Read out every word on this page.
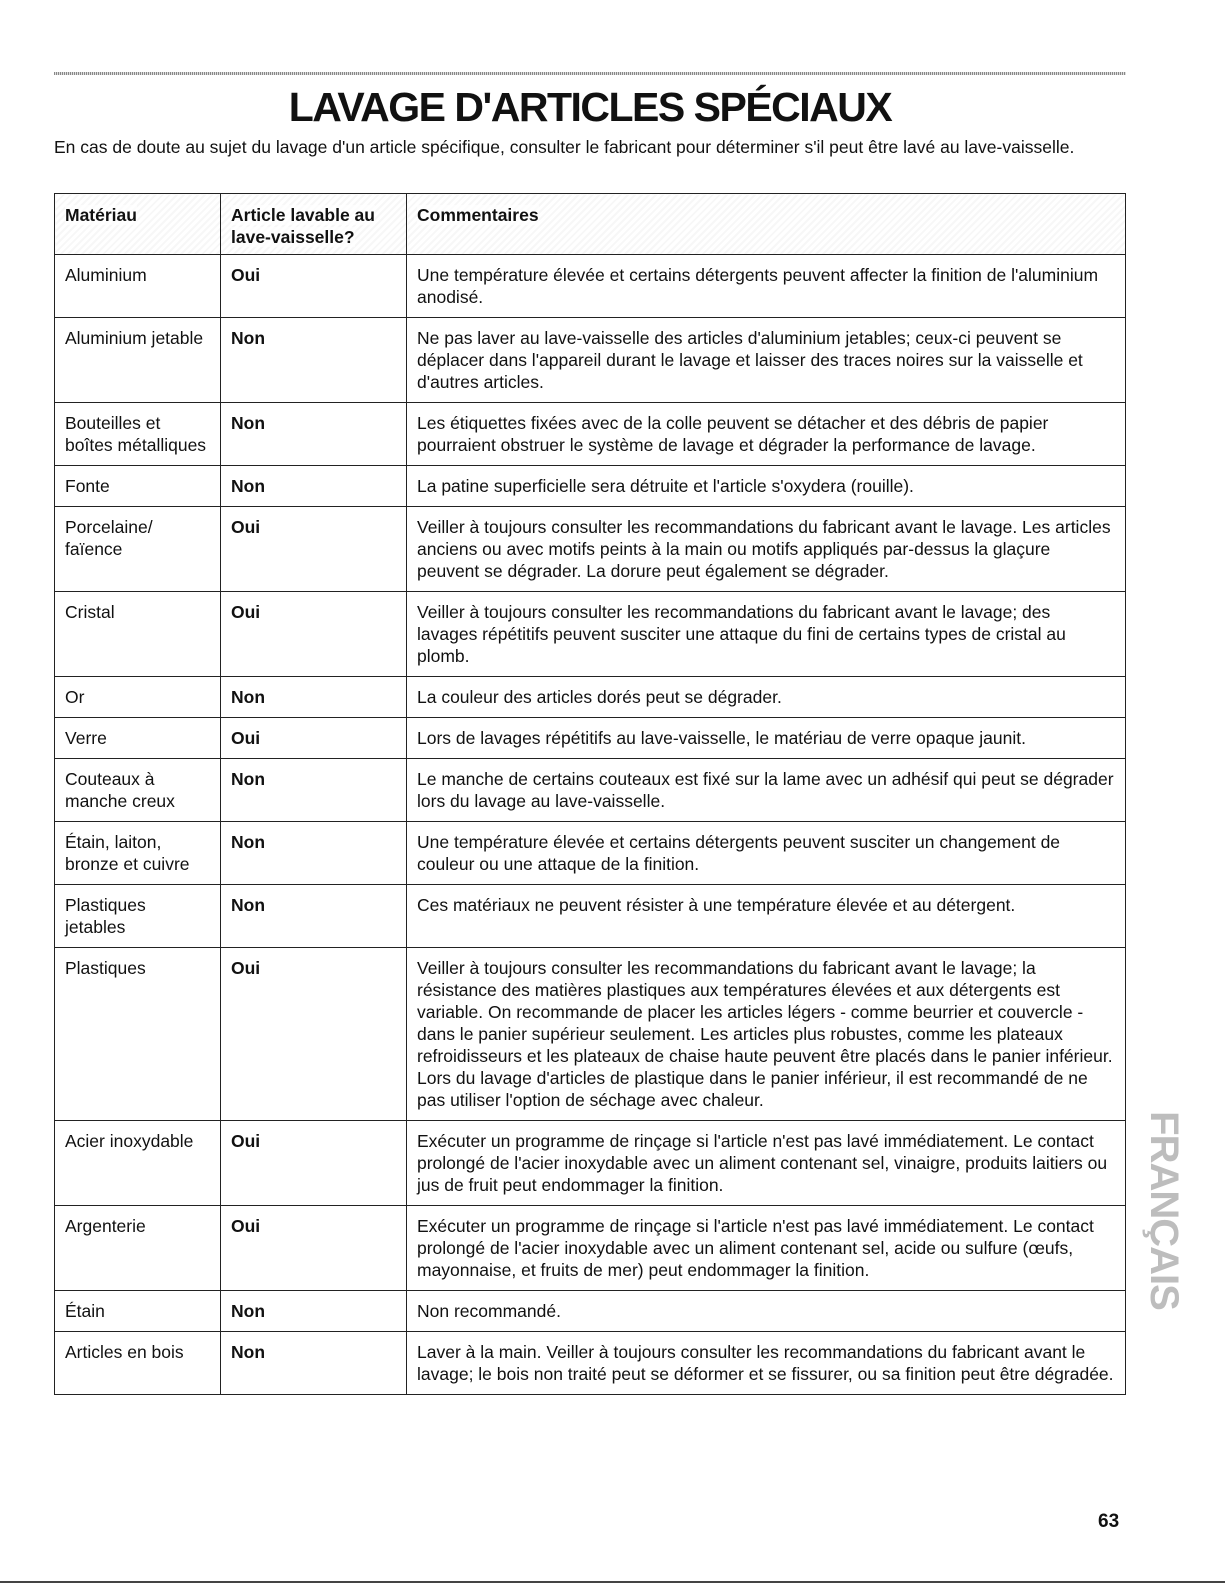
LAVAGE D'ARTICLES SPÉCIAUX

En cas de doute au sujet du lavage d'un article spécifique, consulter le fabricant pour déterminer s'il peut être lavé au lave-vaisselle.

Matériau	Article lavable au lave-vaisselle?	Commentaires
Aluminium	Oui	Une température élevée et certains détergents peuvent affecter la finition de l'aluminium anodisé.
Aluminium jetable	Non	Ne pas laver au lave-vaisselle des articles d'aluminium jetables; ceux-ci peuvent se déplacer dans l'appareil durant le lavage et laisser des traces noires sur la vaisselle et d'autres articles.
Bouteilles et boîtes métalliques	Non	Les étiquettes fixées avec de la colle peuvent se détacher et des débris de papier pourraient obstruer le système de lavage et dégrader la performance de lavage.
Fonte	Non	La patine superficielle sera détruite et l'article s'oxydera (rouille).
Porcelaine/ faïence	Oui	Veiller à toujours consulter les recommandations du fabricant avant le lavage. Les articles anciens ou avec motifs peints à la main ou motifs appliqués par-dessus la glaçure peuvent se dégrader. La dorure peut également se dégrader.
Cristal	Oui	Veiller à toujours consulter les recommandations du fabricant avant le lavage; des lavages répétitifs peuvent susciter une attaque du fini de certains types de cristal au plomb.
Or	Non	La couleur des articles dorés peut se dégrader.
Verre	Oui	Lors de lavages répétitifs au lave-vaisselle, le matériau de verre opaque jaunit.
Couteaux à manche creux	Non	Le manche de certains couteaux est fixé sur la lame avec un adhésif qui peut se dégrader lors du lavage au lave-vaisselle.
Étain, laiton, bronze et cuivre	Non	Une température élevée et certains détergents peuvent susciter un changement de couleur ou une attaque de la finition.
Plastiques jetables	Non	Ces matériaux ne peuvent résister à une température élevée et au détergent.
Plastiques	Oui	Veiller à toujours consulter les recommandations du fabricant avant le lavage; la résistance des matières plastiques aux températures élevées et aux détergents est variable. On recommande de placer les articles légers - comme beurrier et couvercle - dans le panier supérieur seulement. Les articles plus robustes, comme les plateaux refroidisseurs et les plateaux de chaise haute peuvent être placés dans le panier inférieur. Lors du lavage d'articles de plastique dans le panier inférieur, il est recommandé de ne pas utiliser l'option de séchage avec chaleur.
Acier inoxydable	Oui	Exécuter un programme de rinçage si l'article n'est pas lavé immédiatement. Le contact prolongé de l'acier inoxydable avec un aliment contenant sel, vinaigre, produits laitiers ou jus de fruit peut endommager la finition.
Argenterie	Oui	Exécuter un programme de rinçage si l'article n'est pas lavé immédiatement. Le contact prolongé de l'acier inoxydable avec un aliment contenant sel, acide ou sulfure (œufs, mayonnaise, et fruits de mer) peut endommager la finition.
Étain	Non	Non recommandé.
Articles en bois	Non	Laver à la main. Veiller à toujours consulter les recommandations du fabricant avant le lavage; le bois non traité peut se déformer et se fissurer, ou sa finition peut être dégradée.
FRANÇAIS
63
